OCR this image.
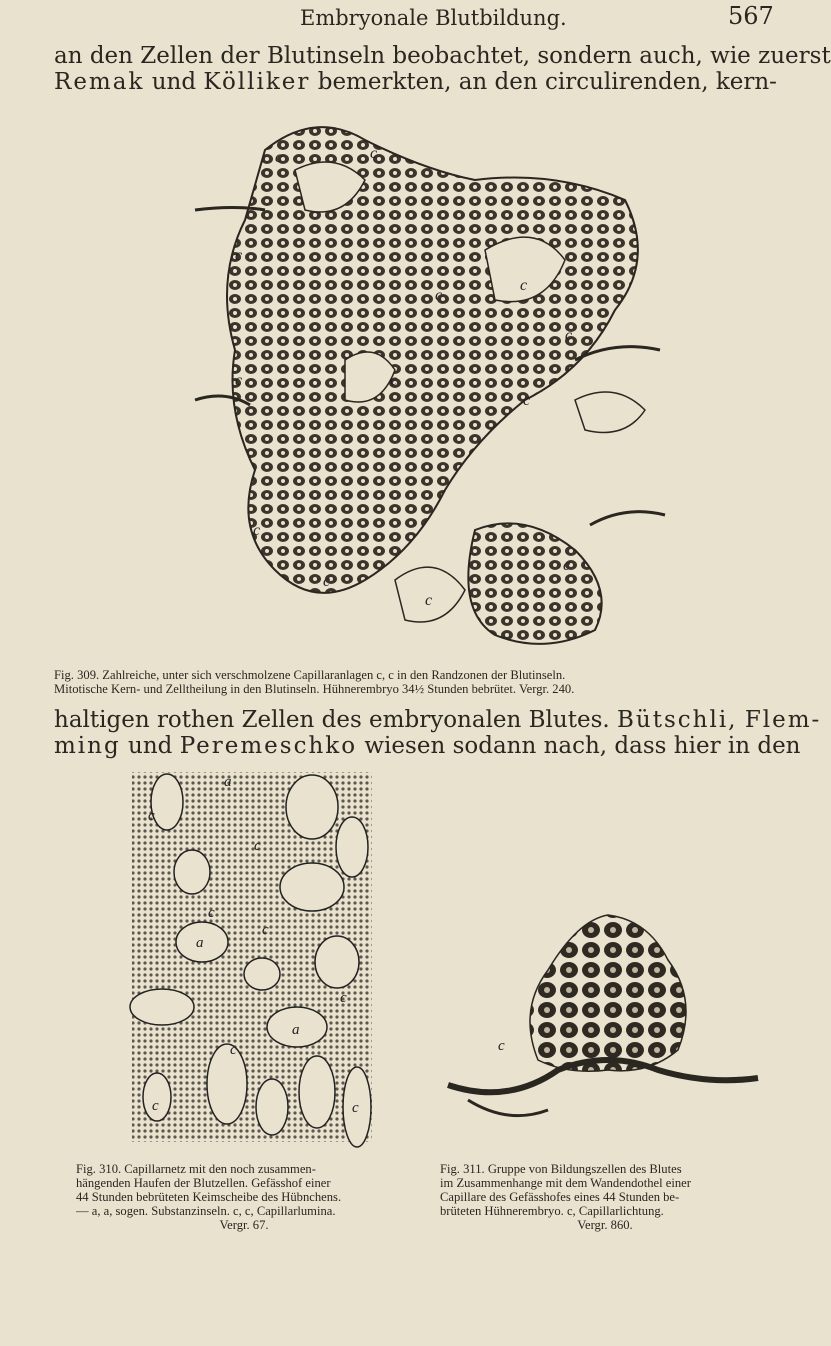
Embryonale Blutbildung.	567
an den Zellen der Blutinseln beobachtet, sondern auch, wie zuerst
Remak und Kölliker bemerkten, an den circulirenden, kern-
c	c
c
c
c
c
c	c
c
c
c
c
c
Fig. 309. Zahlreiche, unter sich verschmolzene Capillaranlagen c, c in den Randzonen der Blutinseln.
Mitotische Kern- und Zelltheilung in den Blutinseln. Hühnerembryo 34½ Stunden bebrütet. Vergr. 240.
haltigen rothen Zellen des embryonalen Blutes. Bütschli, Flem-
ming und Peremeschko wiesen sodann nach, dass hier in den
c
a
c
c
a
c
a
c
c
c	c
c
Fig. 310. Capillarnetz mit den noch zusammen-
hängenden Haufen der Blutzellen. Gefässhof einer
44 Stunden bebrüteten Keimscheibe des Hübnchens.
— a, a, sogen. Substanzinseln. c, c, Capillarlumina.
Vergr. 67.
Fig. 311. Gruppe von Bildungszellen des Blutes
im Zusammenhange mit dem Wandendothel einer
Capillare des Gefässhofes eines 44 Stunden be-
brüteten Hühnerembryo. c, Capillarlichtung.
Vergr. 860.
